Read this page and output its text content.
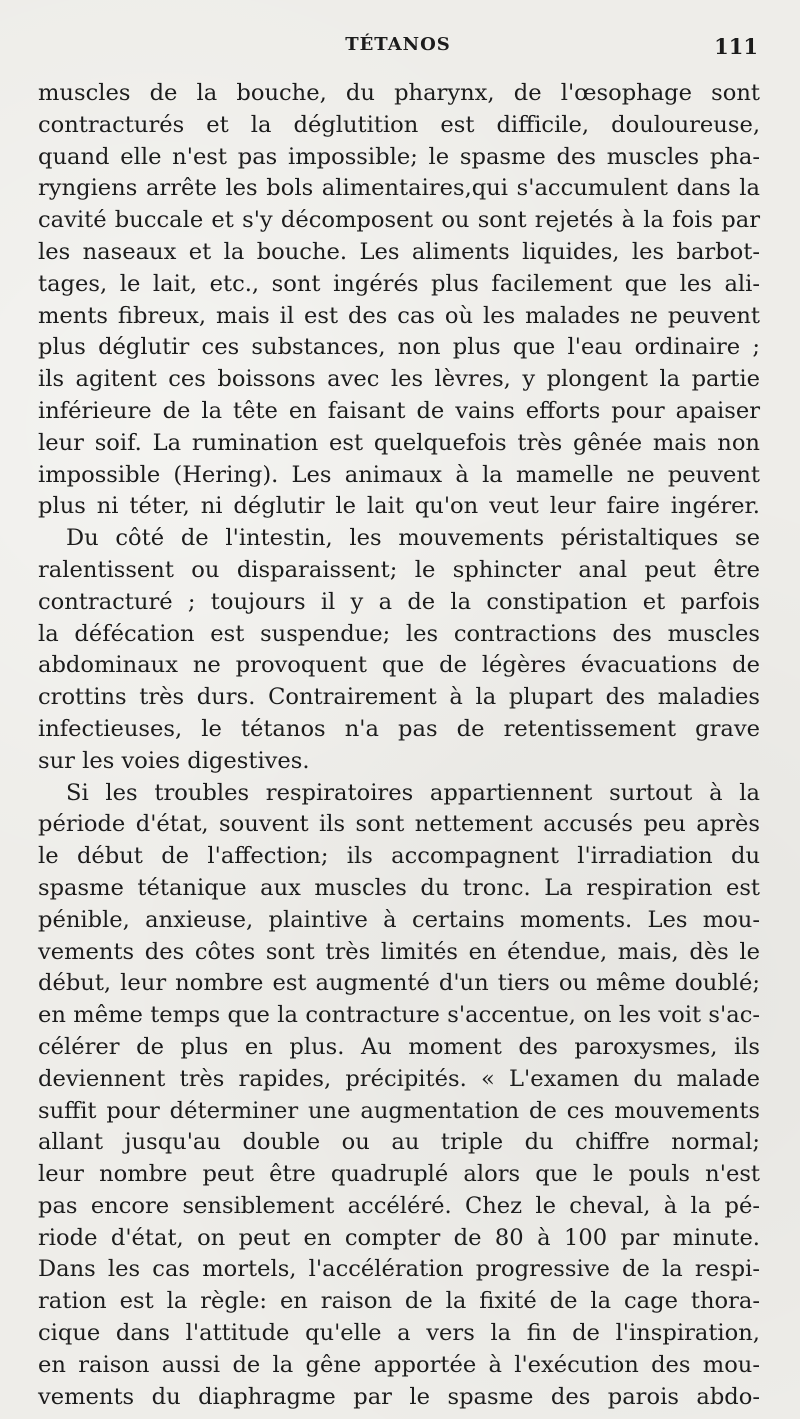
TÉTANOS	111
muscles de la bouche, du pharynx, de l'œsophage sont
contracturés et la déglutition est difficile, douloureuse,
quand elle n'est pas impossible; le spasme des muscles pha-
ryngiens arrête les bols alimentaires,qui s'accumulent dans la
cavité buccale et s'y décomposent ou sont rejetés à la fois par
les naseaux et la bouche. Les aliments liquides, les barbot-
tages, le lait, etc., sont ingérés plus facilement que les ali-
ments fibreux, mais il est des cas où les malades ne peuvent
plus déglutir ces substances, non plus que l'eau ordinaire ;
ils agitent ces boissons avec les lèvres, y plongent la partie
inférieure de la tête en faisant de vains efforts pour apaiser
leur soif. La rumination est quelquefois très gênée mais non
impossible (Hering). Les animaux à la mamelle ne peuvent
plus ni téter, ni déglutir le lait qu'on veut leur faire ingérer.
Du côté de l'intestin, les mouvements péristaltiques se
ralentissent ou disparaissent; le sphincter anal peut être
contracturé ; toujours il y a de la constipation et parfois
la défécation est suspendue; les contractions des muscles
abdominaux ne provoquent que de légères évacuations de
crottins très durs. Contrairement à la plupart des maladies
infectieuses, le tétanos n'a pas de retentissement grave
sur les voies digestives.
Si les troubles respiratoires appartiennent surtout à la
période d'état, souvent ils sont nettement accusés peu après
le début de l'affection; ils accompagnent l'irradiation du
spasme tétanique aux muscles du tronc. La respiration est
pénible, anxieuse, plaintive à certains moments. Les mou-
vements des côtes sont très limités en étendue, mais, dès le
début, leur nombre est augmenté d'un tiers ou même doublé;
en même temps que la contracture s'accentue, on les voit s'ac-
célérer de plus en plus. Au moment des paroxysmes, ils
deviennent très rapides, précipités. « L'examen du malade
suffit pour déterminer une augmentation de ces mouvements
allant jusqu'au double ou au triple du chiffre normal;
leur nombre peut être quadruplé alors que le pouls n'est
pas encore sensiblement accéléré. Chez le cheval, à la pé-
riode d'état, on peut en compter de 80 à 100 par minute.
Dans les cas mortels, l'accélération progressive de la respi-
ration est la règle: en raison de la fixité de la cage thora-
cique dans l'attitude qu'elle a vers la fin de l'inspiration,
en raison aussi de la gêne apportée à l'exécution des mou-
vements du diaphragme par le spasme des parois abdo-
